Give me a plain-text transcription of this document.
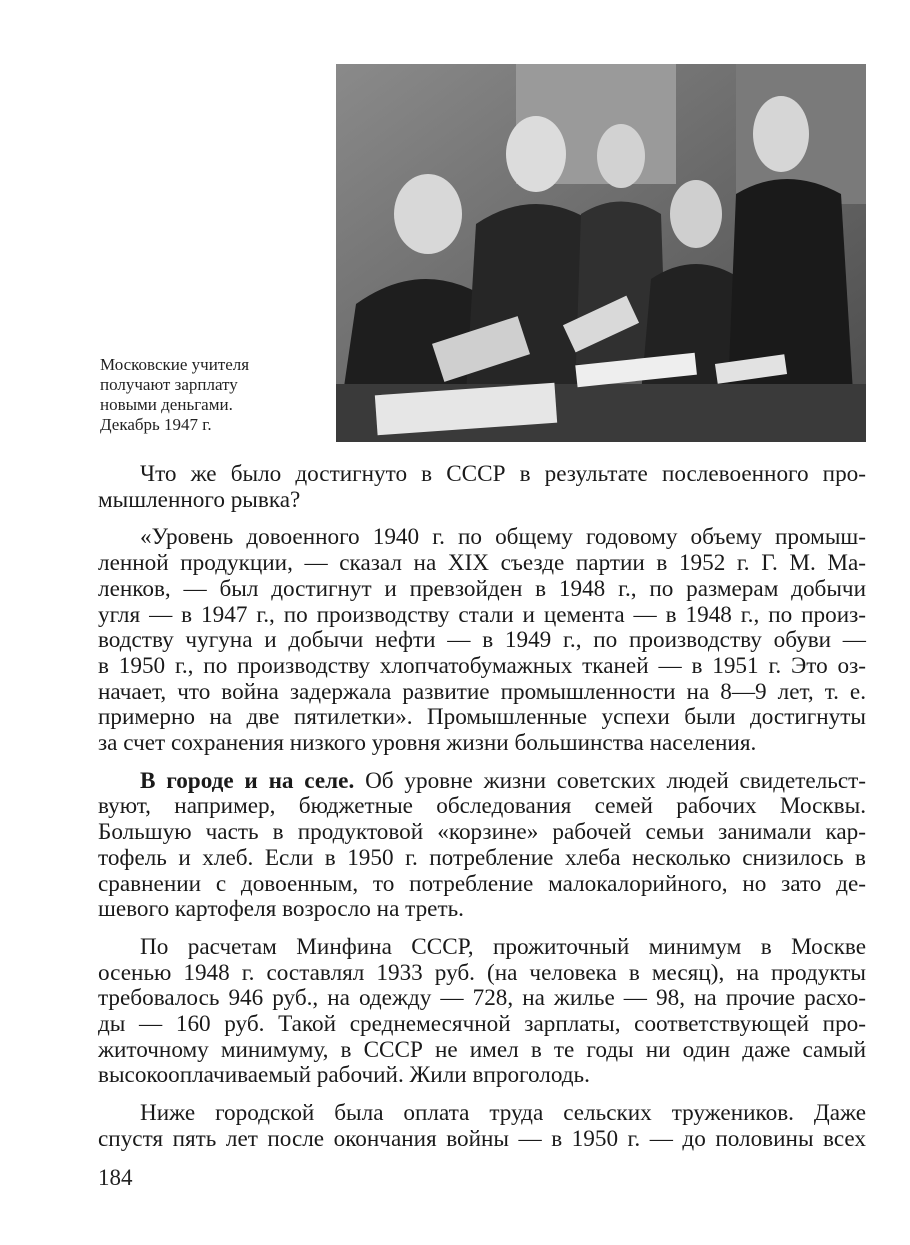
Московские учителя
получают зарплату
новыми деньгами.
Декабрь 1947 г.

Что же было достигнуто в СССР в результате послевоенного про-
мышленного рывка?

«Уровень довоенного 1940 г. по общему годовому объему промыш-
ленной продукции, — сказал на XIX съезде партии в 1952 г. Г. М. Ма-
ленков, — был достигнут и превзойден в 1948 г., по размерам добычи
угля — в 1947 г., по производству стали и цемента — в 1948 г., по произ-
водству чугуна и добычи нефти — в 1949 г., по производству обуви —
в 1950 г., по производству хлопчатобумажных тканей — в 1951 г. Это оз-
начает, что война задержала развитие промышленности на 8—9 лет, т. е.
примерно на две пятилетки». Промышленные успехи были достигнуты
за счет сохранения низкого уровня жизни большинства населения.

В городе и на селе. Об уровне жизни советских людей свидетельст-
вуют, например, бюджетные обследования семей рабочих Москвы.
Большую часть в продуктовой «корзине» рабочей семьи занимали кар-
тофель и хлеб. Если в 1950 г. потребление хлеба несколько снизилось в
сравнении с довоенным, то потребление малокалорийного, но зато де-
шевого картофеля возросло на треть.

По расчетам Минфина СССР, прожиточный минимум в Москве
осенью 1948 г. составлял 1933 руб. (на человека в месяц), на продукты
требовалось 946 руб., на одежду — 728, на жилье — 98, на прочие расхо-
ды — 160 руб. Такой среднемесячной зарплаты, соответствующей про-
житочному минимуму, в СССР не имел в те годы ни один даже самый
высокооплачиваемый рабочий. Жили впроголодь.

Ниже городской была оплата труда сельских тружеников. Даже
спустя пять лет после окончания войны — в 1950 г. — до половины всех

184
